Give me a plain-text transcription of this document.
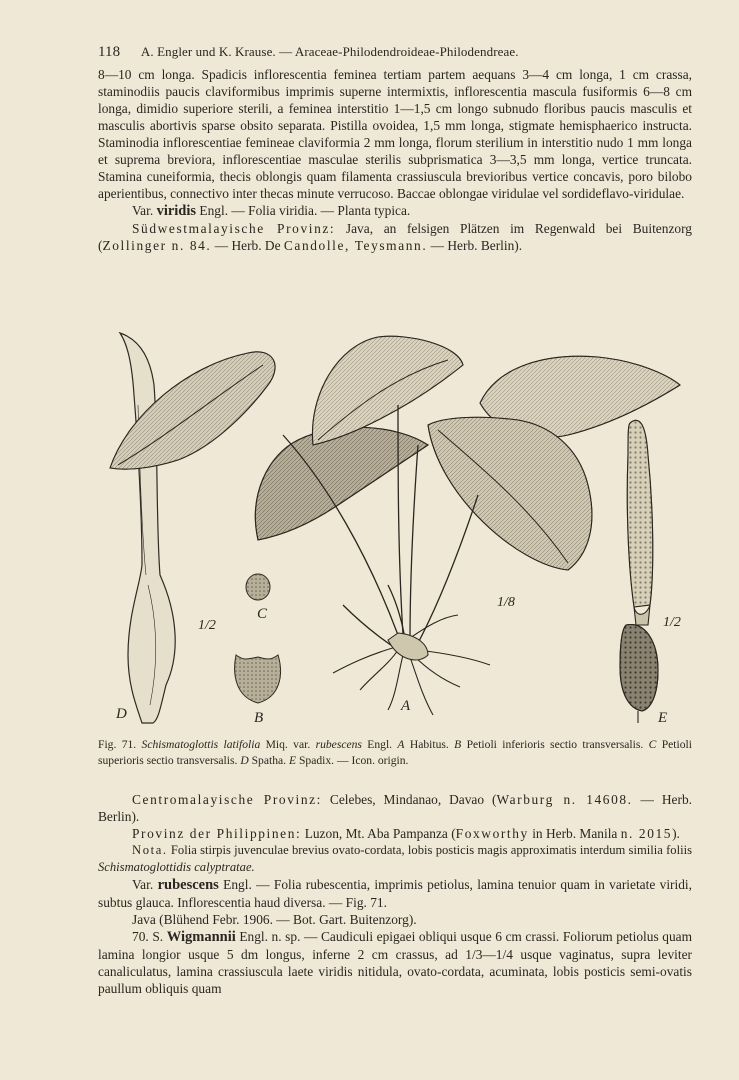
118 A. Engler und K. Krause. — Araceae-Philodendroideae-Philodendreae.

8—10 cm longa. Spadicis inflorescentia feminea tertiam partem aequans 3—4 cm longa, 1 cm crassa, staminodiis paucis claviformibus imprimis superne intermixtis, inflorescentia mascula fusiformis 6—8 cm longa, dimidio superiore sterili, a feminea interstitio 1—1,5 cm longo subnudo floribus paucis masculis et masculis abortivis sparse obsito separata. Pistilla ovoidea, 1,5 mm longa, stigmate hemisphaerico instructa. Staminodia inflorescentiae femineae claviformia 2 mm longa, florum sterilium in interstitio nudo 1 mm longa et suprema breviora, inflorescentiae masculae sterilis subprismatica 3—3,5 mm longa, vertice truncata. Stamina cuneiformia, thecis oblongis quam filamenta crassiuscula brevioribus vertice concavis, poro bilobo aperientibus, connectivo inter thecas minute verrucoso. Baccae oblongae viridulae vel sordideflavo-viridulae.

Var. viridis Engl. — Folia viridia. — Planta typica.

Südwestmalayische Provinz: Java, an felsigen Plätzen im Regenwald bei Buitenzorg (Zollinger n. 84. — Herb. De Candolle, Teysmann. — Herb. Berlin).

D	B
C
A
E
1/2
1/8
1/2

Fig. 71. Schismatoglottis latifolia Miq. var. rubescens Engl. A Habitus. B Petioli inferioris sectio transversalis. C Petioli superioris sectio transversalis. D Spatha. E Spadix. — Icon. origin.

Centromalayische Provinz: Celebes, Mindanao, Davao (Warburg n. 14608. — Herb. Berlin).

Provinz der Philippinen: Luzon, Mt. Aba Pampanza (Foxworthy in Herb. Manila n. 2015).

Nota. Folia stirpis juvenculae brevius ovato-cordata, lobis posticis magis approximatis interdum similia foliis Schismatoglottidis calyptratae.

Var. rubescens Engl. — Folia rubescentia, imprimis petiolus, lamina tenuior quam in varietate viridi, subtus glauca. Inflorescentia haud diversa. — Fig. 71.

Java (Blühend Febr. 1906. — Bot. Gart. Buitenzorg).

70. S. Wigmannii Engl. n. sp. — Caudiculi epigaei obliqui usque 6 cm crassi. Foliorum petiolus quam lamina longior usque 5 dm longus, inferne 2 cm crassus, ad 1/3—1/4 usque vaginatus, supra leviter canaliculatus, lamina crassiuscula laete viridis nitidula, ovato-cordata, acuminata, lobis posticis semi-ovatis paullum obliquis quam
